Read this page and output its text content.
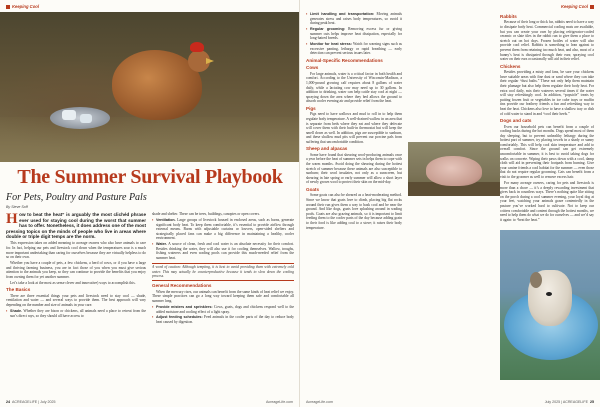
Keeping Cool
The Summer Survival Playbook
For Pets, Poultry and Pasture Pals
By Steve Soff

How to beat the heat” is arguably the most clichéd phrase ever used for staying cool during the worst that summer has to offer. Nonetheless, it does address one of the most pressing topics on the minds of people who live in areas where double or triple digit temps are the norm.

This expression takes on added meaning to acreage owners who also have animals to care for. In fact, helping our pets and livestock cool down when the temperatures soar is a much more important undertaking than caring for ourselves because they are virtually helpless to do so on their own.

Whether you have a couple of pets, a few chickens, a herd of cows, or if you have a large and thriving farming business, you are in fact those of you when you must give serious attention to the animals you keep, so they can continue to provide the benefits that you enjoy from owning them for yet another summer.

Let’s take a look at the most as sense clever and innovative) ways to accomplish this.

The Basics

There are three essential things your pets and livestock need to stay cool — shade, ventilation and water — and several ways to provide them. The best approach will vary depending on the number and size of animals in your care.

▪ Shade. Whether they are bison or chickens, all animals need a place to retreat from the sun’s direct rays, so they should all have access to

shade and shelter. These can be trees, buildings, canopies or open covers.

▪ Ventilation. Large groups of livestock housed in enclosed areas, such as barns, generate significant body heat. To keep them comfortable, it’s essential to provide airflow through external means. Barns with adjustable curtains or louvers, open-sided shelters and strategically placed fans can make a big difference in maintaining a healthy, cooler environment.
▪ Water. A source of clean, fresh and cool water is an absolute necessity for their comfort. Besides drinking the water, they will also use it for cooling themselves. Wallow, troughs, fishing waterers and even wading pools can provide this much-needed relief from the summer heat.

A word of caution: Although tempting, it is best to avoid providing them with extremely cold water. This may actually be counterproductive because it tends to slow down the cooling process.

General Recommendations

When the mercury rises, our animals can benefit from the same kinds of heat relief we enjoy. These simple practices can go a long way toward keeping them safe and comfortable all summer long.

▪ Provide misters and sprinklers: Cows, goats, dogs and chickens respond well to the added moisture and cooling effect of a light spray.
▪ Adjust feeding schedules: Feed animals in the cooler parts of the day to reduce body heat caused by digestion.
24 ACREAGELIFE | July 2025	AcreageLife.com
Keeping Cool
▪ Limit handling and transportation: Moving animals generates stress and raises body temperatures, so avoid it during peak heat.
▪ Regular grooming: Removing excess fur or giving summer cuts helps improve heat dissipation, especially for long-haired breeds.
▪ Monitor for heat stress: Watch for warning signs such as excessive panting, lethargy or rapid breathing — early detection can prevent serious issues later.
Animal-Specific Recommendations
Cows

For large animals, water is a critical factor in both health and comfort. According to the University of Wisconsin-Madison, a 1,000-pound growing calf requires about 8 gallons of water daily, while a lactating cow may need up to 30 gallons. In addition to drinking, water can help cattle stay cool at night — spraying down the area where they bed allows the ground to absorb cooler evening air and provide relief from the heat.

Pigs

Pigs need to have wallows and mud to roll in to help them regulate body temperature. A well-drained wallow in an area that is separate from beds where they eat and where they defecate will cover them with their built-in thermostat but will keep the smell down as well. In addition, pigs are susceptible to sunburn, and these shallow mud pits will prevent our porcine pals from suffering that uncomfortable condition.

Sheep and alpacas

Some have found that shearing wool-producing animals once a year before the heat of summer sets in helps them to cope with the warm months. Avoid doing the shearing during the hottest stretch of summer because these animals are also susceptible to sunburn; their wool insulates, not only as a sunscreen, but shearing in late spring or early summer will allow a short layer of newly grown wool to protect their skin on the mid-day.

Goats

Some goats can also be sheared as a heat-moderating method. Since we know that goats love to climb, placing big flat rocks around their run gives them a way to bask cool and be near the ground. And like dogs, goats love splashing around in wading pools. Goats are also grazing animals, so it is important to limit feeding them to the cooler parts of the day because adding grain to their food is like adding coal to a stove; it raises their body temperature.

Rabbits

Because of their long or thick fur, rabbits need to have a way to dissipate body heat. Commercial cooling mats are available, but you can create your own by placing refrigerator-cooled ceramic or slate tiles in the rabbit run to give them a place to stretch out on hot days. Frozen bottles of water will also provide cool relief. Rabbits is something to lean against to prevent them from retaining too much heat, and also, most of a bunny’s heat is dissipated through their ears; spraying cool water on their ears occasionally will aid in their relief.

Chickens

Besides providing a misty and fans, be sure your chickens have suitable areas with fine dust or sand where they can take their regular “dust baths.” These not only help them maintain their plumage but also help them regulate their body heat. For extra cool daily, mix their waterers several times if the water will stay refreshingly cool. In addition, “popsicle” treats by putting frozen fruit or vegetables in ice cube trays or muffin tins provide our feathery friends a fun and refreshing way to beat the heat. Chickens also love to have a shallow tray or dish of cold water to stand in and “cool their heels.”

Dogs and cats

Even our household pets can benefit from a couple of cooling hacks during the hot months. Dogs spend most of them day sleeping, but to prevent unhealthy lethargy during the hottest part of summer, try placing towels in a shady or sunny comfortably. This will help cool skin temperature and add to overall comfort. Since the ground can get extremely uncomfortable in summer, it is best to avoid taking dogs for walks on concrete. Wiping their paws down with a cool, damp cloth will aid in preventing their footpads from burning. Give your canine friends a cool habitat for the summer — even those that do not require regular grooming. Cats can benefit from a visit to the groomer as well to remove excess hair.

For many acreage owners, caring for pets and livestock is more than a chore — it’s a deeply rewarding investment that gives back in countless ways. There’s nothing quite like sitting on the porch during a cool summer evening, your loyal dog at your feet, watching your animals graze contentedly in the pasture you’ve worked hard to cultivate. Not to keep our critters comfortable and content through the hottest months, we need to help them do what we do for ourselves — and we’d say it again: to “beat the heat.”

AcreageLife.com	July 2025 | ACREAGELIFE 25
